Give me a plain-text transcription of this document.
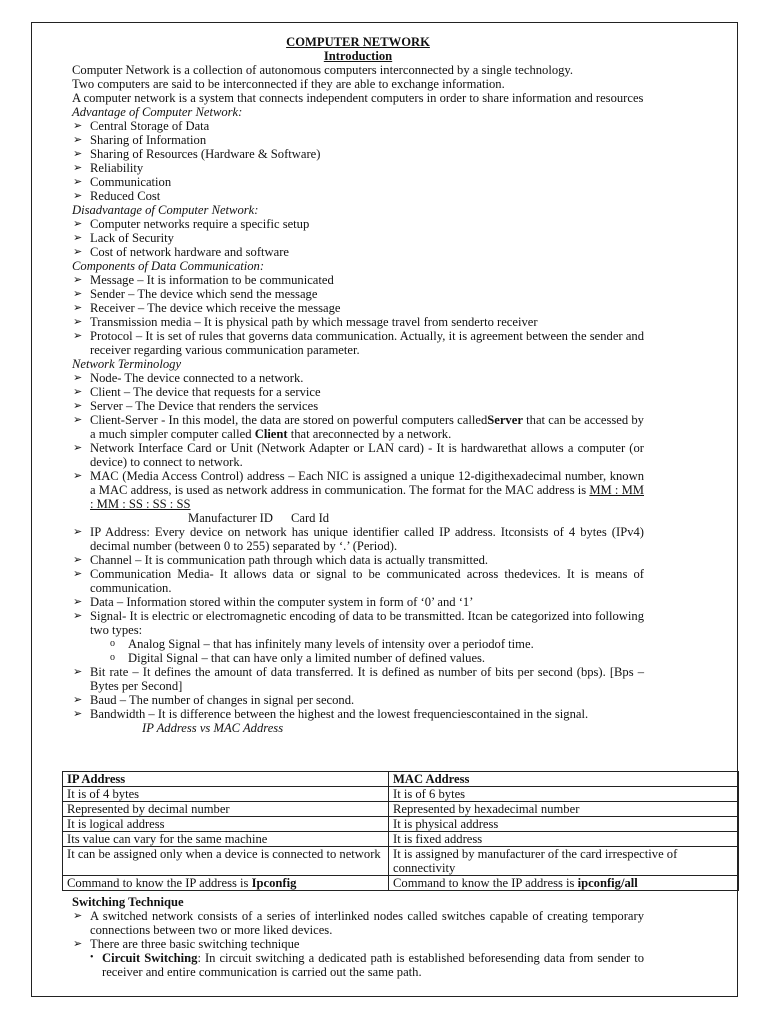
COMPUTER NETWORK
Introduction

Computer Network is a collection of autonomous computers interconnected by a single technology.

Two computers are said to be interconnected if they are able to exchange information.

A computer network is a system that connects independent computers in order to share information and resources

Advantage of Computer Network:
➢ Central Storage of Data
➢ Sharing of Information
➢ Sharing of Resources (Hardware & Software)
➢ Reliability
➢ Communication
➢ Reduced Cost
Disadvantage of Computer Network:
➢ Computer networks require a specific setup
➢ Lack of Security
➢ Cost of network hardware and software
Components of Data Communication:
➢ Message – It is information to be communicated
➢ Sender – The device which send the message
➢ Receiver – The device which receive the message
➢ Transmission media – It is physical path by which message travel from senderto receiver
➢ Protocol – It is set of rules that governs data communication. Actually, it is agreement between the sender and receiver regarding various communication parameter.
Network Terminology
➢ Node- The device connected to a network.
➢ Client – The device that requests for a service
➢ Server – The Device that renders the services
➢ Client-Server - In this model, the data are stored on powerful computers calledServer that can be accessed by a much simpler computer called Client that areconnected by a network.
➢ Network Interface Card or Unit (Network Adapter or LAN card) - It is hardwarethat allows a computer (or device) to connect to network.
➢ MAC (Media Access Control) address – Each NIC is assigned a unique 12-digithexadecimal number, known a MAC address, is used as network address in communication. The format for the MAC address is MM : MM : MM : SS : SS : SS
Manufacturer ID Card Id
➢ IP Address: Every device on network has unique identifier called IP address. Itconsists of 4 bytes (IPv4) decimal number (between 0 to 255) separated by ‘.’ (Period).
➢ Channel – It is communication path through which data is actually transmitted.
➢ Communication Media- It allows data or signal to be communicated across thedevices. It is means of communication.
➢ Data – Information stored within the computer system in form of ‘0’ and ‘1’
➢ Signal- It is electric or electromagnetic encoding of data to be transmitted. Itcan be categorized into following two types:
o Analog Signal – that has infinitely many levels of intensity over a periodof time.
o Digital Signal – that can have only a limited number of defined values.
➢ Bit rate – It defines the amount of data transferred. It is defined as number of bits per second (bps). [Bps – Bytes per Second]
➢ Baud – The number of changes in signal per second.
➢ Bandwidth – It is difference between the highest and the lowest frequenciescontained in the signal.
IP Address vs MAC Address
IP Address	MAC Address
It is of 4 bytes	It is of 6 bytes
Represented by decimal number	Represented by hexadecimal number
It is logical address	It is physical address
Its value can vary for the same machine	It is fixed address
It can be assigned only when a device is connected to network	It is assigned by manufacturer of the card irrespective of connectivity
Command to know the IP address is Ipconfig	Command to know the IP address is ipconfig/all
Switching Technique
➢ A switched network consists of a series of interlinked nodes called switches capable of creating temporary connections between two or more liked devices.
➢ There are three basic switching technique
• Circuit Switching: In circuit switching a dedicated path is established beforesending data from sender to receiver and entire communication is carried out the same path.
